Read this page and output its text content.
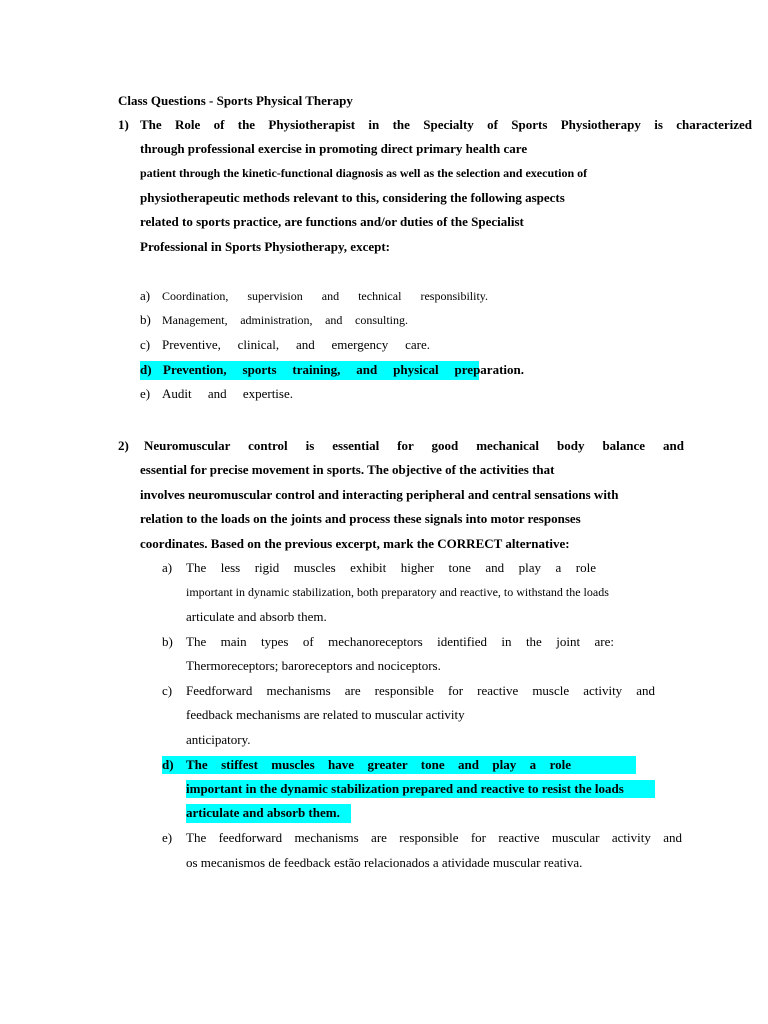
Class Questions - Sports Physical Therapy
1) The Role of the Physiotherapist in the Specialty of Sports Physiotherapy is characterized
through professional exercise in promoting direct primary health care
patient through the kinetic-functional diagnosis as well as the selection and execution of
physiotherapeutic methods relevant to this, considering the following aspects
related to sports practice, are functions and/or duties of the Specialist
Professional in Sports Physiotherapy, except:
a) Coordination, supervision and technical responsibility.
b) Management, administration, and consulting.
c) Preventive, clinical, and emergency care.
d) Prevention, sports training, and physical preparation.
e) Audit and expertise.
2) Neuromuscular control is essential for good mechanical body balance and
essential for precise movement in sports. The objective of the activities that
involves neuromuscular control and interacting peripheral and central sensations with
relation to the loads on the joints and process these signals into motor responses
coordinates. Based on the previous excerpt, mark the CORRECT alternative:
a) The less rigid muscles exhibit higher tone and play a role
important in dynamic stabilization, both preparatory and reactive, to withstand the loads
articulate and absorb them.
b) The main types of mechanoreceptors identified in the joint are:
Thermoreceptors; baroreceptors and nociceptors.
c) Feedforward mechanisms are responsible for reactive muscle activity and
feedback mechanisms are related to muscular activity
anticipatory.
d) The stiffest muscles have greater tone and play a role
important in the dynamic stabilization prepared and reactive to resist the loads
articulate and absorb them.
e) The feedforward mechanisms are responsible for reactive muscular activity and
os mecanismos de feedback estão relacionados a atividade muscular reativa.
